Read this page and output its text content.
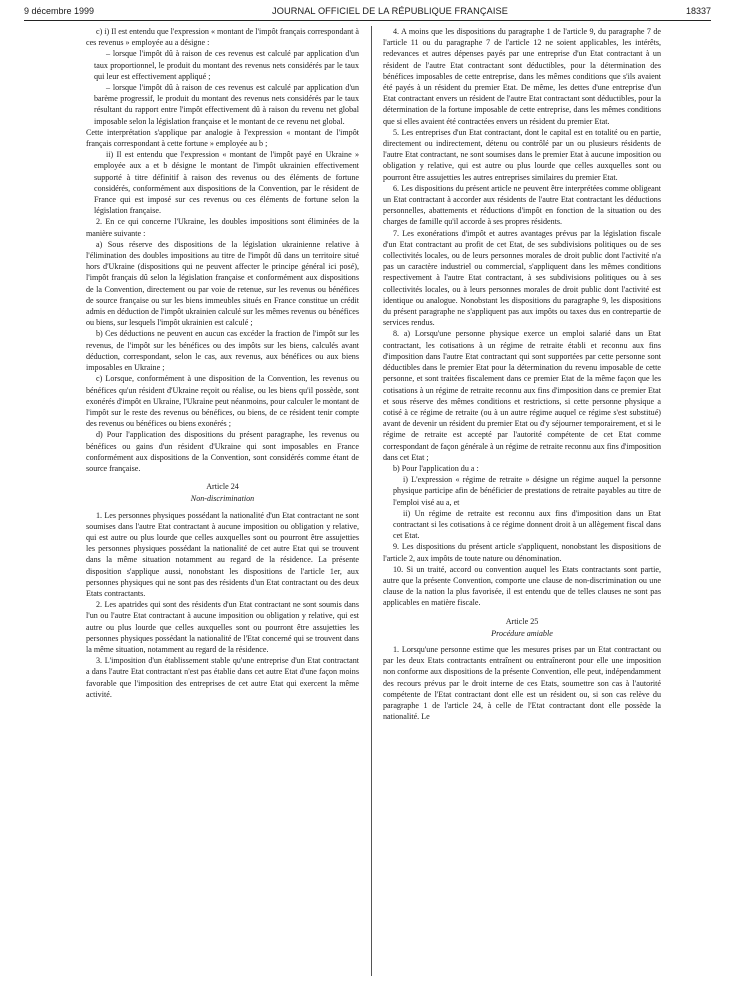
9 décembre 1999	JOURNAL OFFICIEL DE LA RÉPUBLIQUE FRANÇAISE	18337

c) i) Il est entendu que l'expression « montant de l'impôt français correspondant à ces revenus » employée au a désigne :

– lorsque l'impôt dû à raison de ces revenus est calculé par application d'un taux proportionnel, le produit du montant des revenus nets considérés par le taux qui leur est effectivement appliqué ;

– lorsque l'impôt dû à raison de ces revenus est calculé par application d'un barème progressif, le produit du montant des revenus nets considérés par le taux résultant du rapport entre l'impôt effectivement dû à raison du revenu net global imposable selon la législation française et le montant de ce revenu net global.

Cette interprétation s'applique par analogie à l'expression « montant de l'impôt français correspondant à cette fortune » employée au b ;

ii) Il est entendu que l'expression « montant de l'impôt payé en Ukraine » employée aux a et b désigne le montant de l'impôt ukrainien effectivement supporté à titre définitif à raison des revenus ou des éléments de fortune considérés, conformément aux dispositions de la Convention, par le résident de France qui est imposé sur ces revenus ou ces éléments de fortune selon la législation française.

2. En ce qui concerne l'Ukraine, les doubles impositions sont éliminées de la manière suivante :

a) Sous réserve des dispositions de la législation ukrainienne relative à l'élimination des doubles impositions au titre de l'impôt dû dans un territoire situé hors d'Ukraine (dispositions qui ne peuvent affecter le principe général ici posé), l'impôt français dû selon la législation française et conformément aux dispositions de la Convention, directement ou par voie de retenue, sur les revenus ou bénéfices de source française ou sur les biens immeubles situés en France constitue un crédit admis en déduction de l'impôt ukrainien calculé sur les mêmes revenus ou bénéfices ou biens, sur lesquels l'impôt ukrainien est calculé ;

b) Ces déductions ne peuvent en aucun cas excéder la fraction de l'impôt sur les revenus, de l'impôt sur les bénéfices ou des impôts sur les biens, calculés avant déduction, correspondant, selon le cas, aux revenus, aux bénéfices ou aux biens imposables en Ukraine ;

c) Lorsque, conformément à une disposition de la Convention, les revenus ou bénéfices qu'un résident d'Ukraine reçoit ou réalise, ou les biens qu'il possède, sont exonérés d'impôt en Ukraine, l'Ukraine peut néanmoins, pour calculer le montant de l'impôt sur le reste des revenus ou bénéfices, ou biens, de ce résident tenir compte des revenus ou bénéfices ou biens exonérés ;

d) Pour l'application des dispositions du présent paragraphe, les revenus ou bénéfices ou gains d'un résident d'Ukraine qui sont imposables en France conformément aux dispositions de la Convention, sont considérés comme étant de source française.

Article 24

Non-discrimination

1. Les personnes physiques possédant la nationalité d'un Etat contractant ne sont soumises dans l'autre Etat contractant à aucune imposition ou obligation y relative, qui est autre ou plus lourde que celles auxquelles sont ou pourront être assujetties les personnes physiques possédant la nationalité de cet autre Etat qui se trouvent dans la même situation notamment au regard de la résidence. La présente disposition s'applique aussi, nonobstant les dispositions de l'article 1er, aux personnes physiques qui ne sont pas des résidents d'un Etat contractant ou des deux Etats contractants.

2. Les apatrides qui sont des résidents d'un Etat contractant ne sont soumis dans l'un ou l'autre Etat contractant à aucune imposition ou obligation y relative, qui est autre ou plus lourde que celles auxquelles sont ou pourront être assujetties les personnes physiques possédant la nationalité de l'Etat concerné qui se trouvent dans la même situation, notamment au regard de la résidence.

3. L'imposition d'un établissement stable qu'une entreprise d'un Etat contractant a dans l'autre Etat contractant n'est pas établie dans cet autre Etat d'une façon moins favorable que l'imposition des entreprises de cet autre Etat qui exercent la même activité.

4. A moins que les dispositions du paragraphe 1 de l'article 9, du paragraphe 7 de l'article 11 ou du paragraphe 7 de l'article 12 ne soient applicables, les intérêts, redevances et autres dépenses payés par une entreprise d'un Etat contractant à un résident de l'autre Etat contractant sont déductibles, pour la détermination des bénéfices imposables de cette entreprise, dans les mêmes conditions que s'ils avaient été payés à un résident du premier Etat. De même, les dettes d'une entreprise d'un Etat contractant envers un résident de l'autre Etat contractant sont déductibles, pour la détermination de la fortune imposable de cette entreprise, dans les mêmes conditions que si elles avaient été contractées envers un résident du premier Etat.

5. Les entreprises d'un Etat contractant, dont le capital est en totalité ou en partie, directement ou indirectement, détenu ou contrôlé par un ou plusieurs résidents de l'autre Etat contractant, ne sont soumises dans le premier Etat à aucune imposition ou obligation y relative, qui est autre ou plus lourde que celles auxquelles sont ou pourront être assujetties les autres entreprises similaires du premier Etat.

6. Les dispositions du présent article ne peuvent être interprétées comme obligeant un Etat contractant à accorder aux résidents de l'autre Etat contractant les déductions personnelles, abattements et réductions d'impôt en fonction de la situation ou des charges de famille qu'il accorde à ses propres résidents.

7. Les exonérations d'impôt et autres avantages prévus par la législation fiscale d'un Etat contractant au profit de cet Etat, de ses subdivisions politiques ou de ses collectivités locales, ou de leurs personnes morales de droit public dont l'activité n'a pas un caractère industriel ou commercial, s'appliquent dans les mêmes conditions respectivement à l'autre Etat contractant, à ses subdivisions politiques ou à ses collectivités locales, ou à leurs personnes morales de droit public dont l'activité est identique ou analogue. Nonobstant les dispositions du paragraphe 9, les dispositions du présent paragraphe ne s'appliquent pas aux impôts ou taxes dus en contrepartie de services rendus.

8. a) Lorsqu'une personne physique exerce un emploi salarié dans un Etat contractant, les cotisations à un régime de retraite établi et reconnu aux fins d'imposition dans l'autre Etat contractant qui sont supportées par cette personne sont déductibles dans le premier Etat pour la détermination du revenu imposable de cette personne, et sont traitées fiscalement dans ce premier Etat de la même façon que les cotisations à un régime de retraite reconnu aux fins d'imposition dans ce premier Etat et sous réserve des mêmes conditions et restrictions, si cette personne physique a cotisé à ce régime de retraite (ou à un autre régime auquel ce régime s'est substitué) avant de devenir un résident du premier Etat ou d'y séjourner temporairement, et si le régime de retraite est accepté par l'autorité compétente de cet Etat comme correspondant de façon générale à un régime de retraite reconnu aux fins d'imposition dans cet Etat ;

b) Pour l'application du a :

i) L'expression « régime de retraite » désigne un régime auquel la personne physique participe afin de bénéficier de prestations de retraite payables au titre de l'emploi visé au a, et

ii) Un régime de retraite est reconnu aux fins d'imposition dans un Etat contractant si les cotisations à ce régime donnent droit à un allègement fiscal dans cet Etat.

9. Les dispositions du présent article s'appliquent, nonobstant les dispositions de l'article 2, aux impôts de toute nature ou dénomination.

10. Si un traité, accord ou convention auquel les Etats contractants sont partie, autre que la présente Convention, comporte une clause de non-discrimination ou une clause de la nation la plus favorisée, il est entendu que de telles clauses ne sont pas applicables en matière fiscale.

Article 25

Procédure amiable

1. Lorsqu'une personne estime que les mesures prises par un Etat contractant ou par les deux Etats contractants entraînent ou entraîneront pour elle une imposition non conforme aux dispositions de la présente Convention, elle peut, indépendamment des recours prévus par le droit interne de ces Etats, soumettre son cas à l'autorité compétente de l'Etat contractant dont elle est un résident ou, si son cas relève du paragraphe 1 de l'article 24, à celle de l'Etat contractant dont elle possède la nationalité. Le
